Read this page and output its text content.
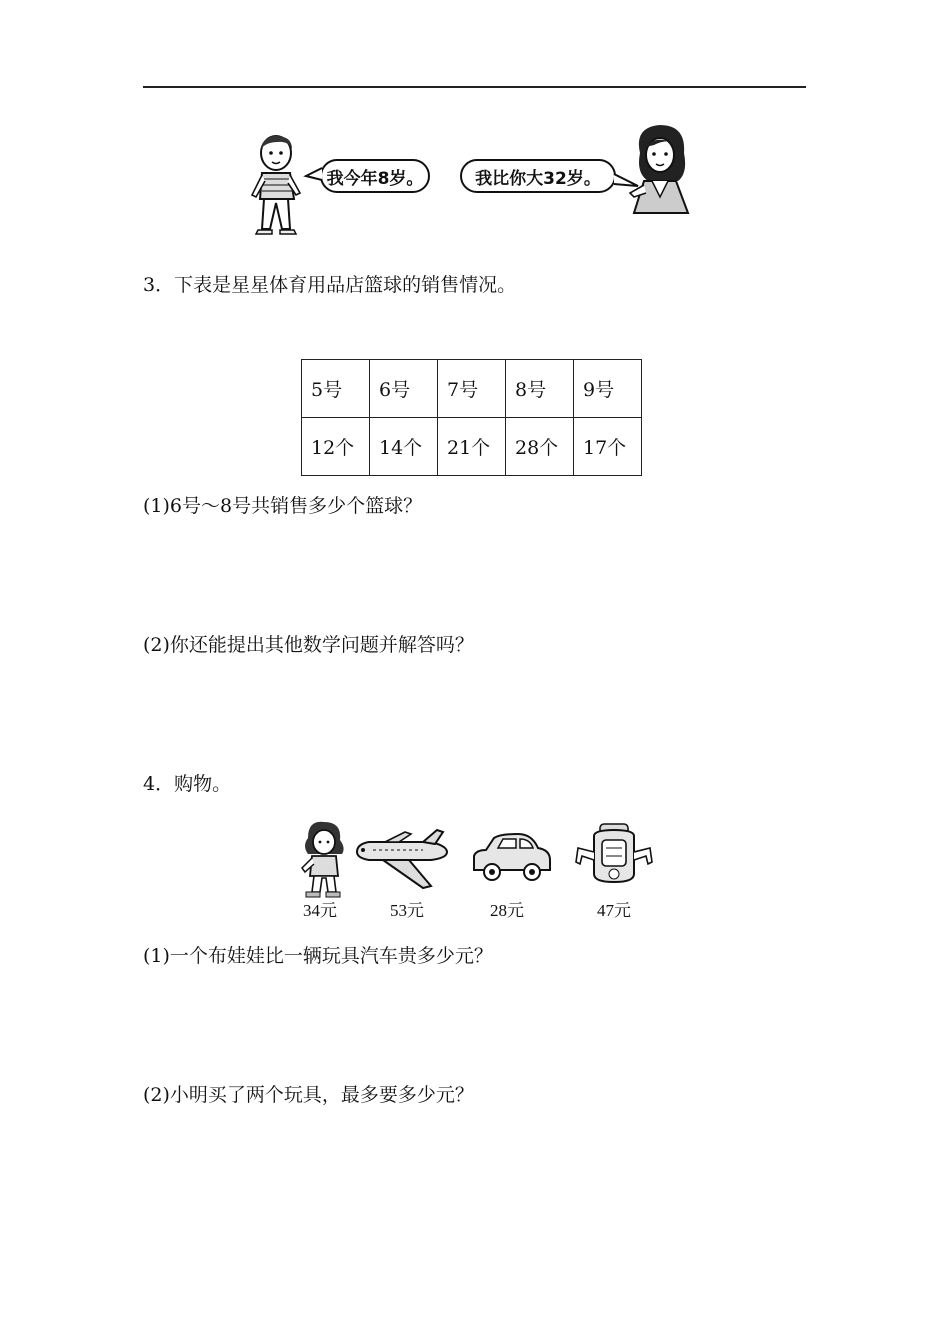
我今年8岁。	我比你大32岁。
3．下表是星星体育用品店篮球的销售情况。
5号	6号	7号	8号	9号
12个	14个	21个	28个	17个
(1)6号～8号共销售多少个篮球？
(2)你还能提出其他数学问题并解答吗？
4．购物。
34元	53元	28元	47元
(1)一个布娃娃比一辆玩具汽车贵多少元？
(2)小明买了两个玩具，最多要多少元？
